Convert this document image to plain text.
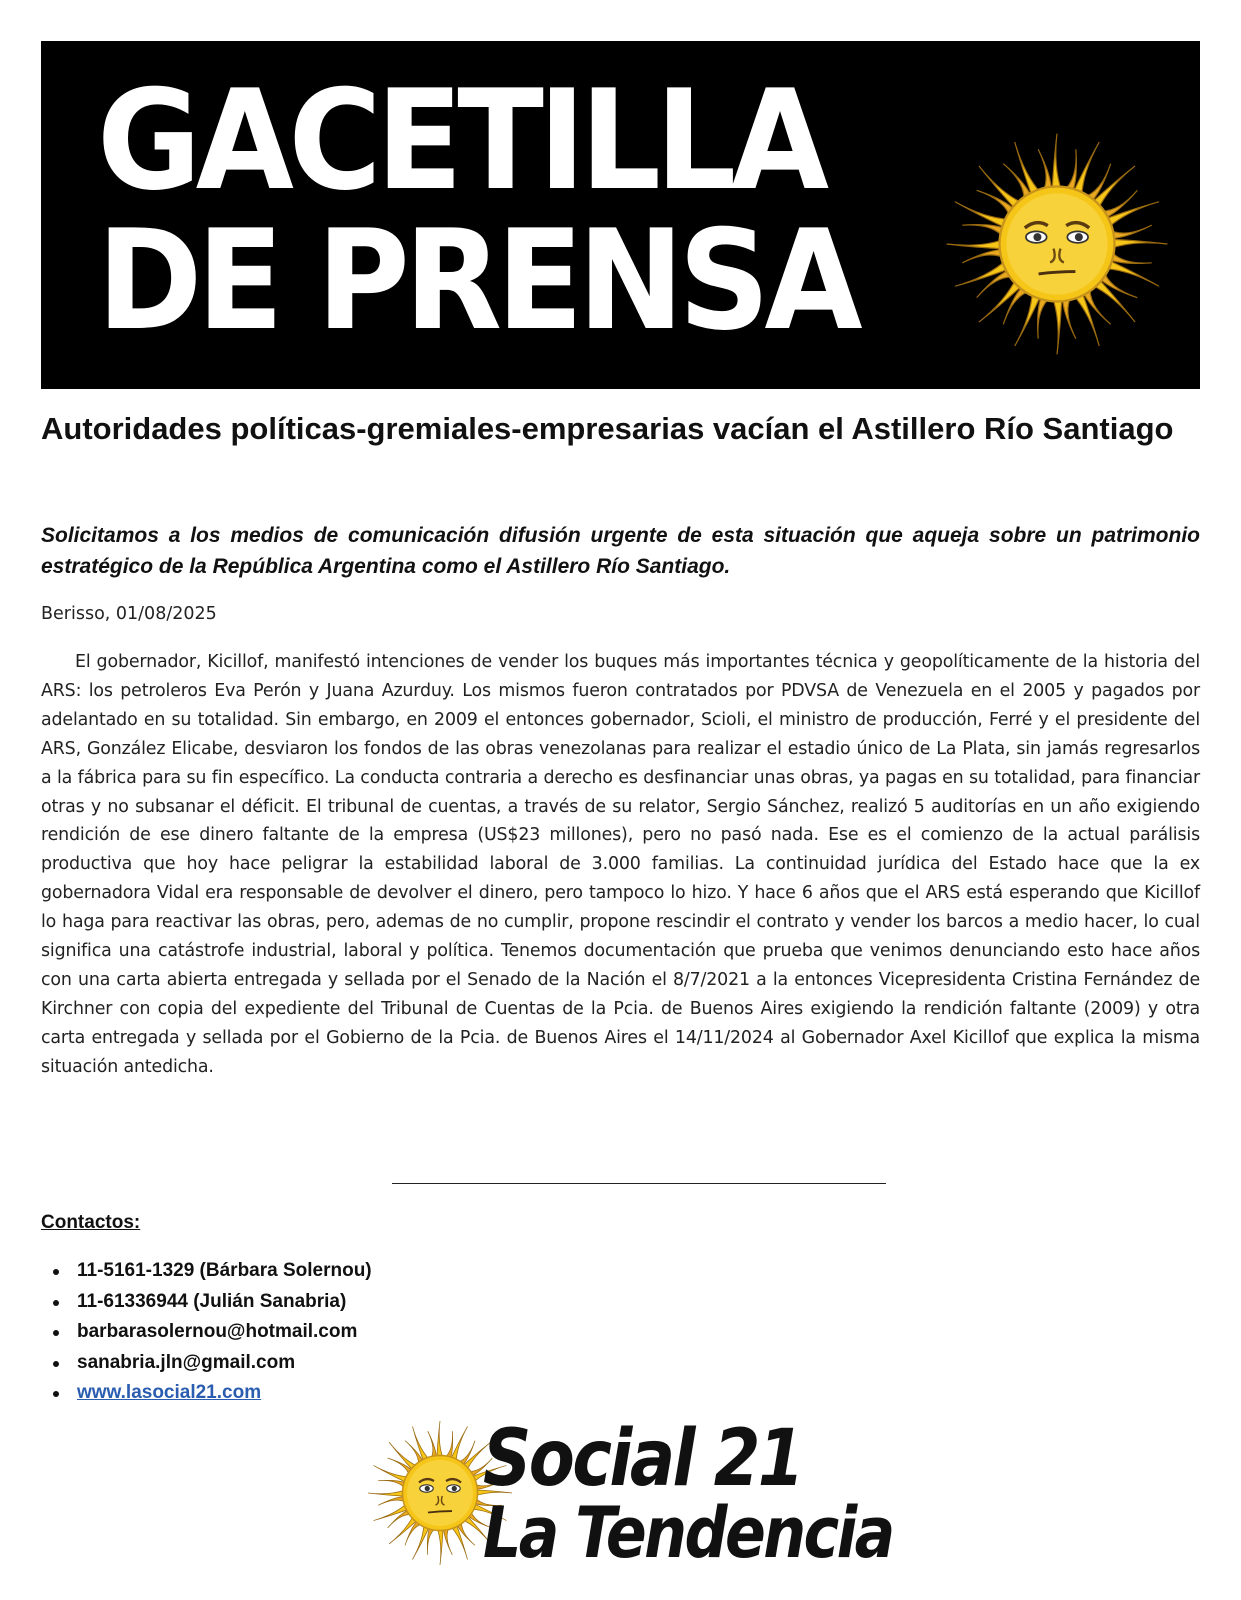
GACETILLA
DE PRENSA
Autoridades políticas-gremiales-empresarias vacían el Astillero Río Santiago
Solicitamos a los medios de comunicación difusión urgente de esta situación que aqueja sobre un patrimonio estratégico de la República Argentina como el Astillero Río Santiago.
Berisso, 01/08/2025
El gobernador, Kicillof, manifestó intenciones de vender los buques más importantes técnica y geopolíticamente de la historia del ARS: los petroleros Eva Perón y Juana Azurduy. Los mismos fueron contratados por PDVSA de Venezuela en el 2005 y pagados por adelantado en su totalidad. Sin embargo, en 2009 el entonces gobernador, Scioli, el ministro de producción, Ferré y el presidente del ARS, González Elicabe, desviaron los fondos de las obras venezolanas para realizar el estadio único de La Plata, sin jamás regresarlos a la fábrica para su fin específico. La conducta contraria a derecho es desfinanciar unas obras, ya pagas en su totalidad, para financiar otras y no subsanar el déficit. El tribunal de cuentas, a través de su relator, Sergio Sánchez, realizó 5 auditorías en un año exigiendo rendición de ese dinero faltante de la empresa (US$23 millones), pero no pasó nada. Ese es el comienzo de la actual parálisis productiva que hoy hace peligrar la estabilidad laboral de 3.000 familias. La continuidad jurídica del Estado hace que la ex gobernadora Vidal era responsable de devolver el dinero, pero tampoco lo hizo. Y hace 6 años que el ARS está esperando que Kicillof lo haga para reactivar las obras, pero, ademas de no cumplir, propone rescindir el contrato y vender los barcos a medio hacer, lo cual significa una catástrofe industrial, laboral y política. Tenemos documentación que prueba que venimos denunciando esto hace años con una carta abierta entregada y sellada por el Senado de la Nación el 8/7/2021 a la entonces Vicepresidenta Cristina Fernández de Kirchner con copia del expediente del Tribunal de Cuentas de la Pcia. de Buenos Aires exigiendo la rendición faltante (2009) y otra carta entregada y sellada por el Gobierno de la Pcia. de Buenos Aires el 14/11/2024 al Gobernador Axel Kicillof que explica la misma situación antedicha.
Contactos:
11-5161-1329 (Bárbara Solernou)
11-61336944 (Julián Sanabria)
barbarasolernou@hotmail.com
sanabria.jln@gmail.com
www.lasocial21.com
Social 21
La Tendencia
